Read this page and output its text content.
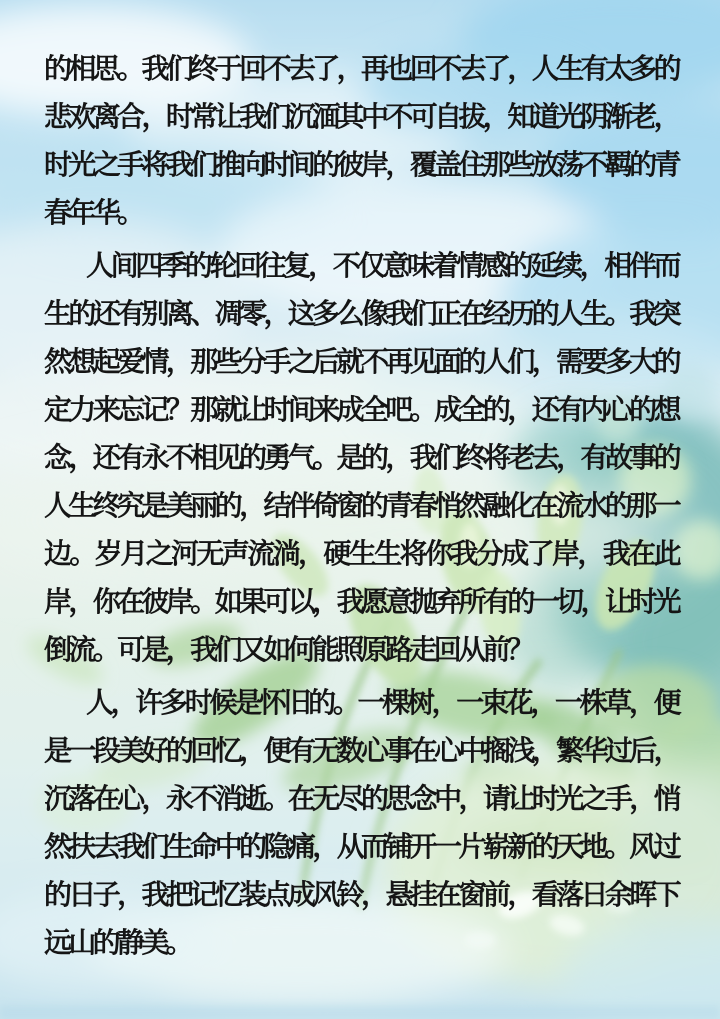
的相思。我们终于回不去了，再也回不去了，人生有太多的悲欢离合，时常让我们沉湎其中不可自拔，知道光阴渐老，时光之手将我们推向时间的彼岸，覆盖住那些放荡不羁的青春年华。

人间四季的轮回往复，不仅意味着情感的延续，相伴而生的还有别离、凋零，这多么像我们正在经历的人生。我突然想起爱情，那些分手之后就不再见面的人们，需要多大的定力来忘记？那就让时间来成全吧。成全的，还有内心的想念，还有永不相见的勇气。是的，我们终将老去，有故事的人生终究是美丽的，结伴倚窗的青春悄然融化在流水的那一边。岁月之河无声流淌，硬生生将你我分成了岸，我在此岸，你在彼岸。如果可以，我愿意抛弃所有的一切，让时光倒流。可是，我们又如何能照原路走回从前？

人，许多时候是怀旧的。一棵树，一束花，一株草，便是一段美好的回忆，便有无数心事在心中搁浅，繁华过后，沉落在心，永不消逝。在无尽的思念中，请让时光之手，悄然扶去我们生命中的隐痛，从而铺开一片崭新的天地。风过的日子，我把记忆装点成风铃，悬挂在窗前，看落日余晖下远山的静美。
